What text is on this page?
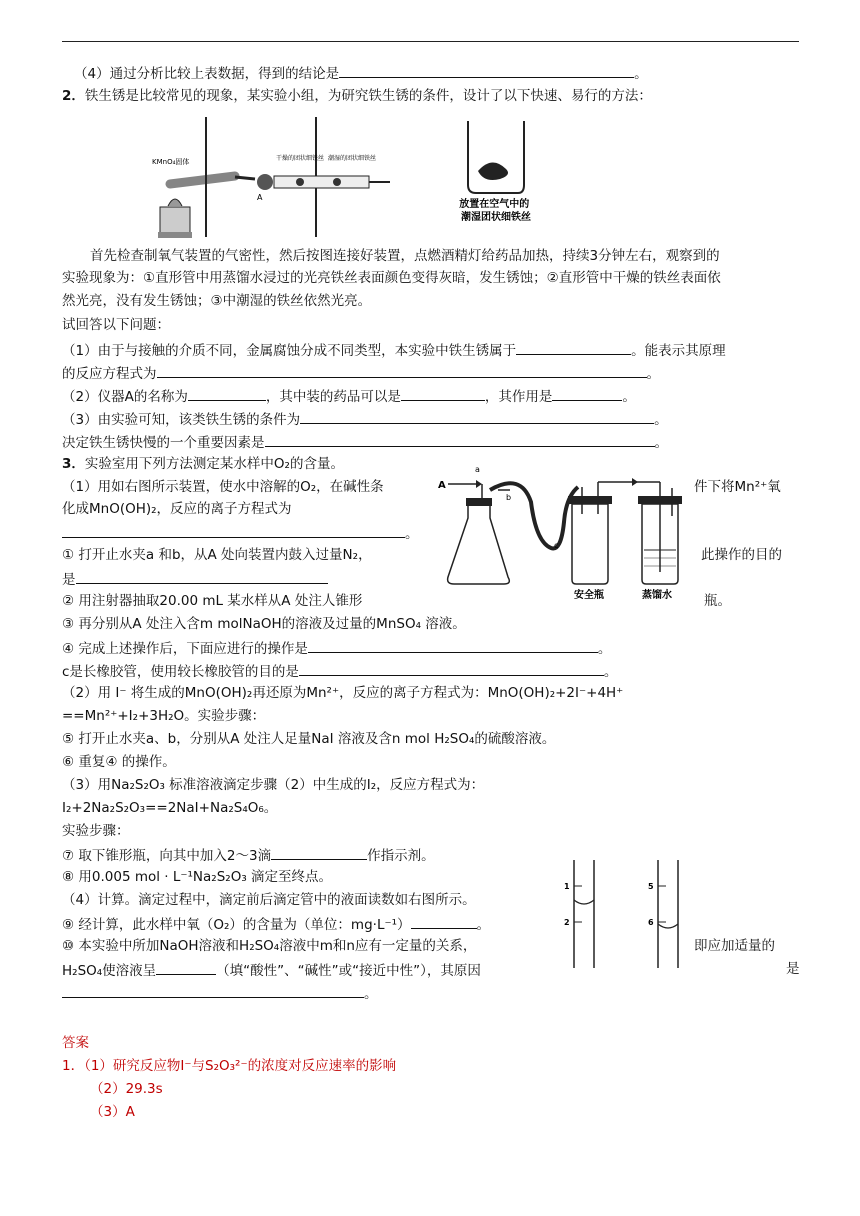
（4）通过分析比较上表数据，得到的结论是	。
2．铁生锈是比较常见的现象，某实验小组，为研究铁生锈的条件，设计了以下快速、易行的方法：
KMnO₄固体
A
干燥的团状细铁丝 潮湿的团状细铁丝
放置在空气中的 潮湿团状细铁丝
首先检查制氧气装置的气密性，然后按图连接好装置，点燃酒精灯给药品加热，持续3分钟左右，观察到的
实验现象为：①直形管中用蒸馏水浸过的光亮铁丝表面颜色变得灰暗，发生锈蚀；②直形管中干燥的铁丝表面依
然光亮，没有发生锈蚀；③中潮湿的铁丝依然光亮。
试回答以下问题：
（1）由于与接触的介质不同，金属腐蚀分成不同类型，本实验中铁生锈属于	。能表示其原理
的反应方程式为	。
（2）仪器A的名称为	，其中装的药品可以是	，其作用是	。
（3）由实验可知，该类铁生锈的条件为	。
决定铁生锈快慢的一个重要因素是	。
3．实验室用下列方法测定某水样中O₂的含量。
（1）用如右图所示装置，使水中溶解的O₂，在碱性条	件下将Mn²⁺氧
化成MnO(OH)₂，反应的离子方程式为
。
① 打开止水夹a 和b，从A 处向装置内鼓入过量N₂，	此操作的目的
是
② 用注射器抽取20.00 mL 某水样从A 处注人锥形	瓶。
A
a
b
c
安全瓶	蒸馏水
③ 再分别从A 处注入含m molNaOH的溶液及过量的MnSO₄ 溶液。
④ 完成上述操作后，下面应进行的操作是	。
c是长橡胶管，使用较长橡胶管的目的是	。
（2）用 I⁻ 将生成的MnO(OH)₂再还原为Mn²⁺，反应的离子方程式为：MnO(OH)₂+2I⁻+4H⁺
==Mn²⁺+I₂+3H₂O。实验步骤：
⑤ 打开止水夹a、b，分别从A 处注人足量NaI 溶液及含n mol H₂SO₄的硫酸溶液。
⑥ 重复④ 的操作。
（3）用Na₂S₂O₃ 标准溶液滴定步骤（2）中生成的I₂，反应方程式为：
I₂+2Na₂S₂O₃==2NaI+Na₂S₄O₆。
实验步骤：
⑦ 取下锥形瓶，向其中加入2～3滴	作指示剂。
⑧ 用0.005 mol · L⁻¹Na₂S₂O₃ 滴定至终点。
（4）计算。滴定过程中，滴定前后滴定管中的液面读数如右图所示。
⑨ 经计算，此水样中氧（O₂）的含量为（单位：mg·L⁻¹）	。
⑩ 本实验中所加NaOH溶液和H₂SO₄溶液中m和n应有一定量的关系，	即应加适量的
H₂SO₄使溶液呈	（填“酸性”、“碱性”或“接近中性”），其原因	是
。
1
2
5
6
答案
1．（1）研究反应物I⁻与S₂O₃²⁻的浓度对反应速率的影响
（2）29.3s
（3）A
